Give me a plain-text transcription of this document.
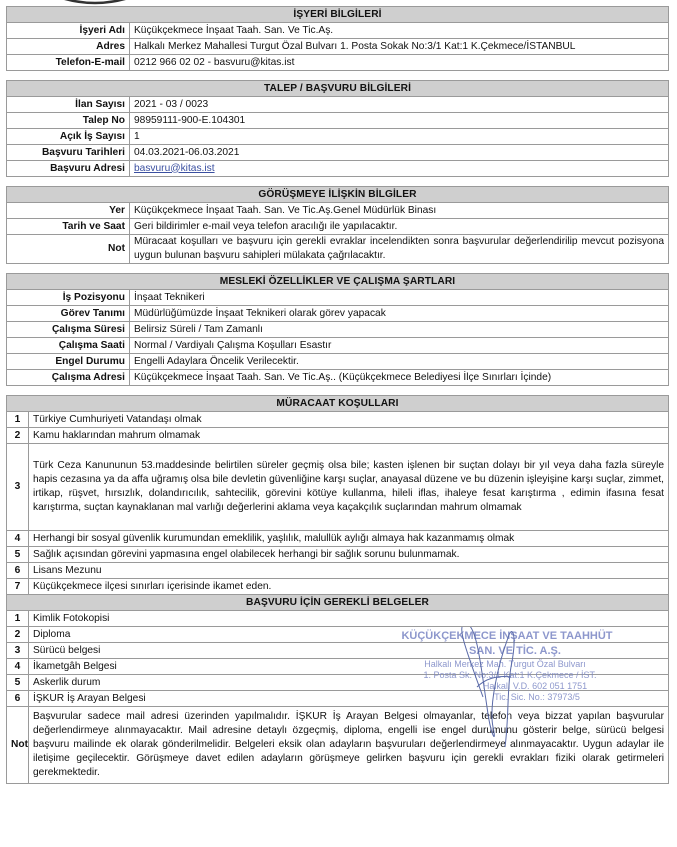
İŞYERİ BİLGİLERİ	
İşyeri Adı	Küçükçekmece İnşaat Taah. San. Ve Tic.Aş.
Adres	Halkalı Merkez Mahallesi Turgut Özal Bulvarı 1. Posta Sokak No:3/1 Kat:1 K.Çekmece/İSTANBUL
Telefon-E-mail	0212 966 02 02 - basvuru@kitas.ist
TALEP / BAŞVURU BİLGİLERİ	
İlan Sayısı	2021 - 03 / 0023
Talep No	98959111-900-E.104301
Açık İş Sayısı	1
Başvuru Tarihleri	04.03.2021-06.03.2021
Başvuru Adresi	basvuru@kitas.ist
GÖRÜŞMEYE İLİŞKİN BİLGİLER	
Yer	Küçükçekmece İnşaat Taah. San. Ve Tic.Aş.Genel Müdürlük Binası
Tarih ve Saat	Geri bildirimler e-mail veya telefon aracılığı ile yapılacaktır.
Not	Müracaat koşulları ve başvuru için gerekli evraklar incelendikten sonra başvurular değerlendirilip mevcut pozisyona uygun bulunan başvuru sahipleri mülakata çağrılacaktır.
MESLEKİ ÖZELLİKLER VE ÇALIŞMA ŞARTLARI	
İş Pozisyonu	İnşaat Teknikeri
Görev Tanımı	Müdürlüğümüzde İnşaat Teknikeri olarak görev yapacak
Çalışma Süresi	Belirsiz Süreli / Tam Zamanlı
Çalışma Saati	Normal / Vardiyalı Çalışma Koşulları Esastır
Engel Durumu	Engelli Adaylara Öncelik Verilecektir.
Çalışma Adresi	Küçükçekmece İnşaat Taah. San. Ve Tic.Aş.. (Küçükçekmece Belediyesi İlçe Sınırları İçinde)
MÜRACAAT KOŞULLARI	
1	Türkiye Cumhuriyeti Vatandaşı olmak
2	Kamu haklarından mahrum olmamak
3	Türk Ceza Kanununun 53.maddesinde belirtilen süreler geçmiş olsa bile; kasten işlenen bir suçtan dolayı bir yıl veya daha fazla süreyle hapis cezasına ya da affa uğramış olsa bile devletin güvenliğine karşı suçlar, anayasal düzene ve bu düzenin işleyişine karşı suçlar, zimmet, irtikap, rüşvet, hırsızlık, dolandırıcılık, sahtecilik, görevini kötüye kullanma, hileli iflas, ihaleye fesat karıştırma , edimin ifasına fesat karıştırma, suçtan kaynaklanan mal varlığı değerlerini aklama veya kaçakçılık suçlarından mahrum olmamak
4	Herhangi bir sosyal güvenlik kurumundan emeklilik, yaşlılık, malullük aylığı almaya hak kazanmamış olmak
5	Sağlık açısından görevini yapmasına engel olabilecek herhangi bir sağlık sorunu bulunmamak.
6	Lisans Mezunu
7	Küçükçekmece ilçesi sınırları içerisinde ikamet eden.
BAŞVURU İÇİN GEREKLİ BELGELER	
1	Kimlik Fotokopisi
2	Diploma
3	Sürücü belgesi
4	İkametgâh Belgesi
5	Askerlik durum
6	İŞKUR İş Arayan Belgesi
Not	Başvurular sadece mail adresi üzerinden yapılmalıdır. İŞKUR İş Arayan Belgesi olmayanlar, telefon veya bizzat yapılan başvurular değerlendirmeye alınmayacaktır. Mail adresine detaylı özgeçmiş, diploma, engelli ise engel durumunu gösterir belge, sürücü belgesi başvuru mailinde ek olarak gönderilmelidir. Belgeleri eksik olan adayların başvuruları değerlendirmeye alınmayacaktır. Uygun adaylar ile iletişime geçilecektir. Görüşmeye davet edilen adayların görüşmeye gelirken başvuru için gerekli evrakları fiziki olarak getirmeleri gerekmektedir.
KÜÇÜKÇEKMECE İNŞAAT VE TAAHHÜT
SAN. VE TİC. A.Ş.
Halkalı Merkez Mah. Turgut Özal Bulvarı
1. Posta Sk. No:3/1 Kat:1 K.Çekmece / İST.
Halkalı V.D. 602 051 1751
Tic. Sic. No.: 37973/5
